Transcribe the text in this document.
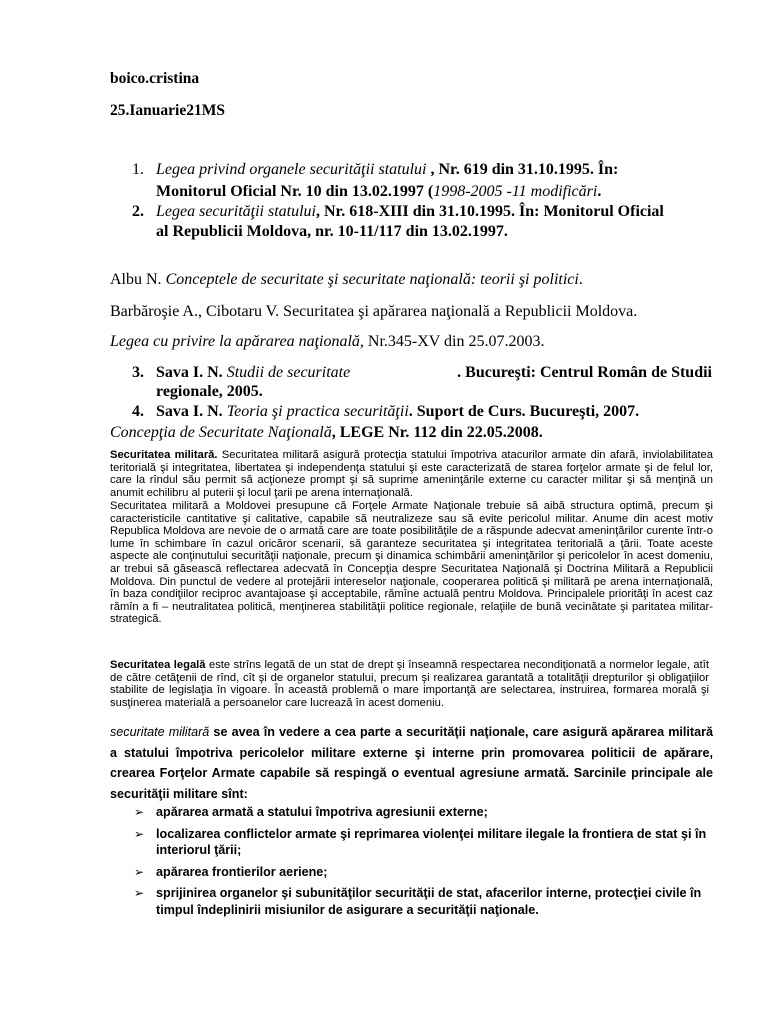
boico.cristina
25.Ianuarie21MS
1. Legea privind organele securităţii statului , Nr. 619 din 31.10.1995. În:
Monitorul Oficial Nr. 10 din 13.02.1997 (1998-2005 -11 modificări.
2. Legea securităţii statului, Nr. 618-XIII din 31.10.1995. În: Monitorul Oficial
al Republicii Moldova, nr. 10-11/117 din 13.02.1997.
Albu N. Conceptele de securitate şi securitate naţională: teorii şi politici.
Barbăroşie A., Cibotaru V. Securitatea şi apărarea naţională a Republicii Moldova.
Legea cu privire la apărarea naţională, Nr.345-XV din 25.07.2003.
3. Sava I. N. Studii de securitate	. Bucureşti: Centrul Român de Studii
regionale, 2005.
4. Sava I. N. Teoria şi practica securităţii. Suport de Curs. Bucureşti, 2007.
Concepţia de Securitate Naţională, LEGE Nr. 112 din 22.05.2008.
Securitatea militară. Securitatea militară asigură protecţia statului împotriva atacurilor armate din afară, inviolabilitatea teritorială şi integritatea, libertatea şi independenţa statului şi este caracterizată de starea forţelor armate şi de felul lor, care la rîndul său permit să acţioneze prompt şi să suprime ameninţările externe cu caracter militar şi să menţină un anumit echilibru al puterii şi locul ţarii pe arena internaţională.
Securitatea militară a Moldovei presupune că Forţele Armate Naţionale trebuie să aibă structura optimă, precum şi caracteristicile cantitative şi calitative, capabile să neutralizeze sau să evite pericolul militar. Anume din acest motiv Republica Moldova are nevoie de o armată care are toate posibilităţile de a răspunde adecvat ameninţărilor curente într-o lume în schimbare în cazul oricăror scenarii, să garanteze securitatea şi integritatea teritorială a ţării. Toate aceste aspecte ale conţinutului securităţii naţionale, precum şi dinamica schimbării ameninţărilor şi pericolelor în acest domeniu, ar trebui să găsească reflectarea adecvată în Concepţia despre Securitatea Naţională şi Doctrina Militară a Republicii Moldova. Din punctul de vedere al protejării intereselor naţionale, cooperarea politică şi militară pe arena internaţională, în baza condiţiilor reciproc avantajoase şi acceptabile, rămîne actuală pentru Moldova. Principalele priorităţi în acest caz rămîn a fi – neutralitatea politică, menţinerea stabilităţii politice regionale, relaţiile de bună vecinătate şi paritatea militar-strategică.
Securitatea legală este strîns legată de un stat de drept şi înseamnă respectarea necondiţionată a normelor legale, atît de către cetăţenii de rînd, cît şi de organelor statului, precum şi realizarea garantată a totalităţii drepturilor şi obligaţiilor stabilite de legislaţia în vigoare. În această problemă o mare importanţă are selectarea, instruirea, formarea morală şi susţinerea materială a persoanelor care lucrează în acest domeniu.
securitate militară se avea în vedere a cea parte a securităţii naţionale, care asigură apărarea militară a statului împotriva pericolelor militare externe şi interne prin promovarea politicii de apărare, crearea Forţelor Armate capabile să respingă o eventual agresiune armată. Sarcinile principale ale securităţii militare sînt:
➢ apărarea armată a statului împotriva agresiunii externe;
➢ localizarea conflictelor armate şi reprimarea violenţei militare ilegale la frontiera de stat şi în interiorul ţării;
➢ apărarea frontierilor aeriene;
➢ sprijinirea organelor şi subunităţilor securităţii de stat, afacerilor interne, protecţiei civile în timpul îndeplinirii misiunilor de asigurare a securităţii naţionale.
